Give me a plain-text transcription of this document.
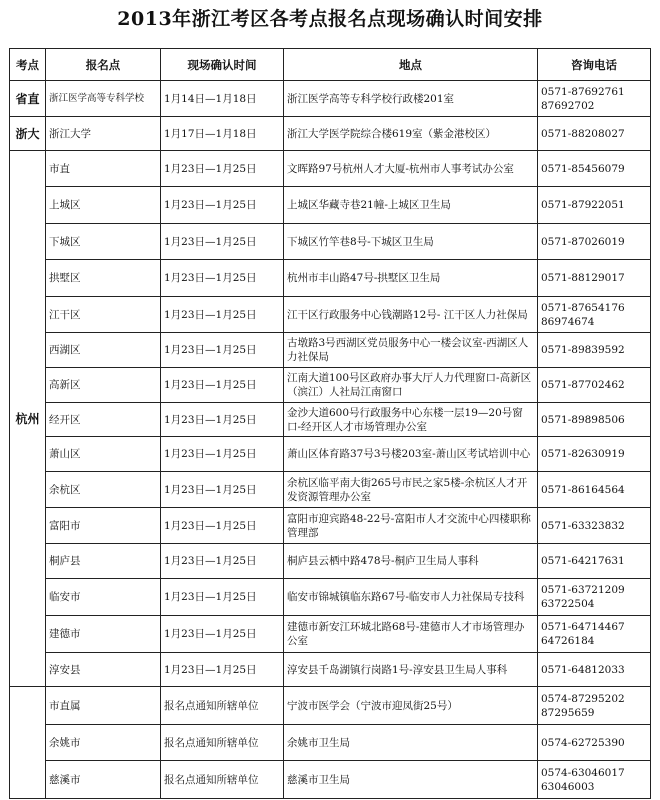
2013年浙江考区各考点报名点现场确认时间安排
考点	报名点	现场确认时间	地点	咨询电话
省直	浙江医学高等专科学校	1月14日—1月18日	浙江医学高等专科学校行政楼201室	0571-87692761
87692702
浙大	浙江大学	1月17日—1月18日	浙江大学医学院综合楼619室（紫金港校区）	0571-88208027
杭州	市直	1月23日—1月25日	文晖路97号杭州人才大厦-杭州市人事考试办公室	0571-85456079
	上城区	1月23日—1月25日	上城区华藏寺巷21幢-上城区卫生局	0571-87922051
	下城区	1月23日—1月25日	下城区竹竿巷8号-下城区卫生局	0571-87026019
	拱墅区	1月23日—1月25日	杭州市丰山路47号-拱墅区卫生局	0571-88129017
	江干区	1月23日—1月25日	江干区行政服务中心钱潮路12号- 江干区人力社保局	0571-87654176
86974674
	西湖区	1月23日—1月25日	古墩路3号西湖区党员服务中心一楼会议室-西湖区人力社保局	0571-89839592
	高新区	1月23日—1月25日	江南大道100号区政府办事大厅人力代理窗口-高新区（滨江）人社局江南窗口	0571-87702462
	经开区	1月23日—1月25日	金沙大道600号行政服务中心东楼一层19—20号窗口-经开区人才市场管理办公室	0571-89898506
	萧山区	1月23日—1月25日	萧山区体育路37号3号楼203室-萧山区考试培训中心	0571-82630919
	余杭区	1月23日—1月25日	余杭区临平南大街265号市民之家5楼-余杭区人才开发资源管理办公室	0571-86164564
	富阳市	1月23日—1月25日	富阳市迎宾路48-22号-富阳市人才交流中心四楼职称管理部	0571-63323832
	桐庐县	1月23日—1月25日	桐庐县云栖中路478号-桐庐卫生局人事科	0571-64217631
	临安市	1月23日—1月25日	临安市锦城镇临东路67号-临安市人力社保局专技科	0571-63721209
63722504
	建德市	1月23日—1月25日	建德市新安江环城北路68号-建德市人才市场管理办公室	0571-64714467
64726184
	淳安县	1月23日—1月25日	淳安县千岛湖镇行岗路1号-淳安县卫生局人事科	0571-64812033
	市直属	报名点通知所辖单位	宁波市医学会（宁波市迎凤街25号）	0574-87295202
87295659
	余姚市	报名点通知所辖单位	余姚市卫生局	0574-62725390
	慈溪市	报名点通知所辖单位	慈溪市卫生局	0574-63046017
63046003
